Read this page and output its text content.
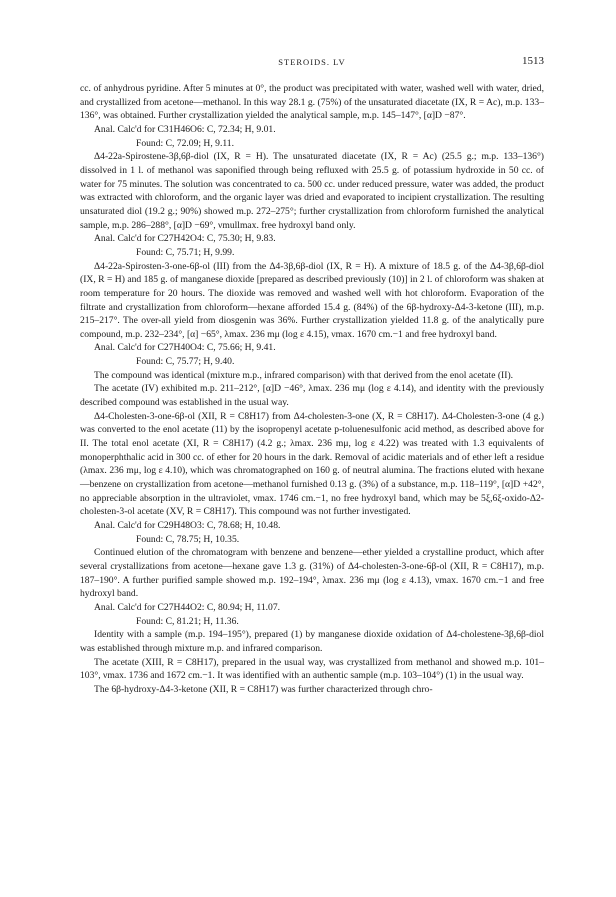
STEROIDS. LV	1513

cc. of anhydrous pyridine. After 5 minutes at 0°, the product was precipitated with water, washed well with water, dried, and crystallized from acetone—methanol. In this way 28.1 g. (75%) of the unsaturated diacetate (IX, R = Ac), m.p. 133–136°, was obtained. Further crystallization yielded the analytical sample, m.p. 145–147°, [α]D −87°.

Anal. Calc'd for C31H46O6: C, 72.34; H, 9.01.

Found: C, 72.09; H, 9.11.

Δ4-22a-Spirostene-3β,6β-diol (IX, R = H). The unsaturated diacetate (IX, R = Ac) (25.5 g.; m.p. 133–136°) dissolved in 1 l. of methanol was saponified through being refluxed with 25.5 g. of potassium hydroxide in 50 cc. of water for 75 minutes. The solution was concentrated to ca. 500 cc. under reduced pressure, water was added, the product was extracted with chloroform, and the organic layer was dried and evaporated to incipient crystallization. The resulting unsaturated diol (19.2 g.; 90%) showed m.p. 272–275°; further crystallization from chloroform furnished the analytical sample, m.p. 286–288°, [α]D −69°, νmullmax. free hydroxyl band only.

Anal. Calc'd for C27H42O4: C, 75.30; H, 9.83.

Found: C, 75.71; H, 9.99.

Δ4-22a-Spirosten-3-one-6β-ol (III) from the Δ4-3β,6β-diol (IX, R = H). A mixture of 18.5 g. of the Δ4-3β,6β-diol (IX, R = H) and 185 g. of manganese dioxide [prepared as described previously (10)] in 2 l. of chloroform was shaken at room temperature for 20 hours. The dioxide was removed and washed well with hot chloroform. Evaporation of the filtrate and crystallization from chloroform—hexane afforded 15.4 g. (84%) of the 6β-hydroxy-Δ4-3-ketone (III), m.p. 215–217°. The over-all yield from diosgenin was 36%. Further crystallization yielded 11.8 g. of the analytically pure compound, m.p. 232–234°, [α] −65°, λmax. 236 mμ (log ε 4.15), νmax. 1670 cm.−1 and free hydroxyl band.

Anal. Calc'd for C27H40O4: C, 75.66; H, 9.41.

Found: C, 75.77; H, 9.40.

The compound was identical (mixture m.p., infrared comparison) with that derived from the enol acetate (II).

The acetate (IV) exhibited m.p. 211–212°, [α]D −46°, λmax. 236 mμ (log ε 4.14), and identity with the previously described compound was established in the usual way.

Δ4-Cholesten-3-one-6β-ol (XII, R = C8H17) from Δ4-cholesten-3-one (X, R = C8H17). Δ4-Cholesten-3-one (4 g.) was converted to the enol acetate (11) by the isopropenyl acetate p-toluenesulfonic acid method, as described above for II. The total enol acetate (XI, R = C8H17) (4.2 g.; λmax. 236 mμ, log ε 4.22) was treated with 1.3 equivalents of monoperphthalic acid in 300 cc. of ether for 20 hours in the dark. Removal of acidic materials and of ether left a residue (λmax. 236 mμ, log ε 4.10), which was chromatographed on 160 g. of neutral alumina. The fractions eluted with hexane—benzene on crystallization from acetone—methanol furnished 0.13 g. (3%) of a substance, m.p. 118–119°, [α]D +42°, no appreciable absorption in the ultraviolet, νmax. 1746 cm.−1, no free hydroxyl band, which may be 5ξ,6ξ-oxido-Δ2-cholesten-3-ol acetate (XV, R = C8H17). This compound was not further investigated.

Anal. Calc'd for C29H48O3: C, 78.68; H, 10.48.

Found: C, 78.75; H, 10.35.

Continued elution of the chromatogram with benzene and benzene—ether yielded a crystalline product, which after several crystallizations from acetone—hexane gave 1.3 g. (31%) of Δ4-cholesten-3-one-6β-ol (XII, R = C8H17), m.p. 187–190°. A further purified sample showed m.p. 192–194°, λmax. 236 mμ (log ε 4.13), νmax. 1670 cm.−1 and free hydroxyl band.

Anal. Calc'd for C27H44O2: C, 80.94; H, 11.07.

Found: C, 81.21; H, 11.36.

Identity with a sample (m.p. 194–195°), prepared (1) by manganese dioxide oxidation of Δ4-cholestene-3β,6β-diol was established through mixture m.p. and infrared comparison.

The acetate (XIII, R = C8H17), prepared in the usual way, was crystallized from methanol and showed m.p. 101–103°, νmax. 1736 and 1672 cm.−1. It was identified with an authentic sample (m.p. 103–104°) (1) in the usual way.

The 6β-hydroxy-Δ4-3-ketone (XII, R = C8H17) was further characterized through chro-
